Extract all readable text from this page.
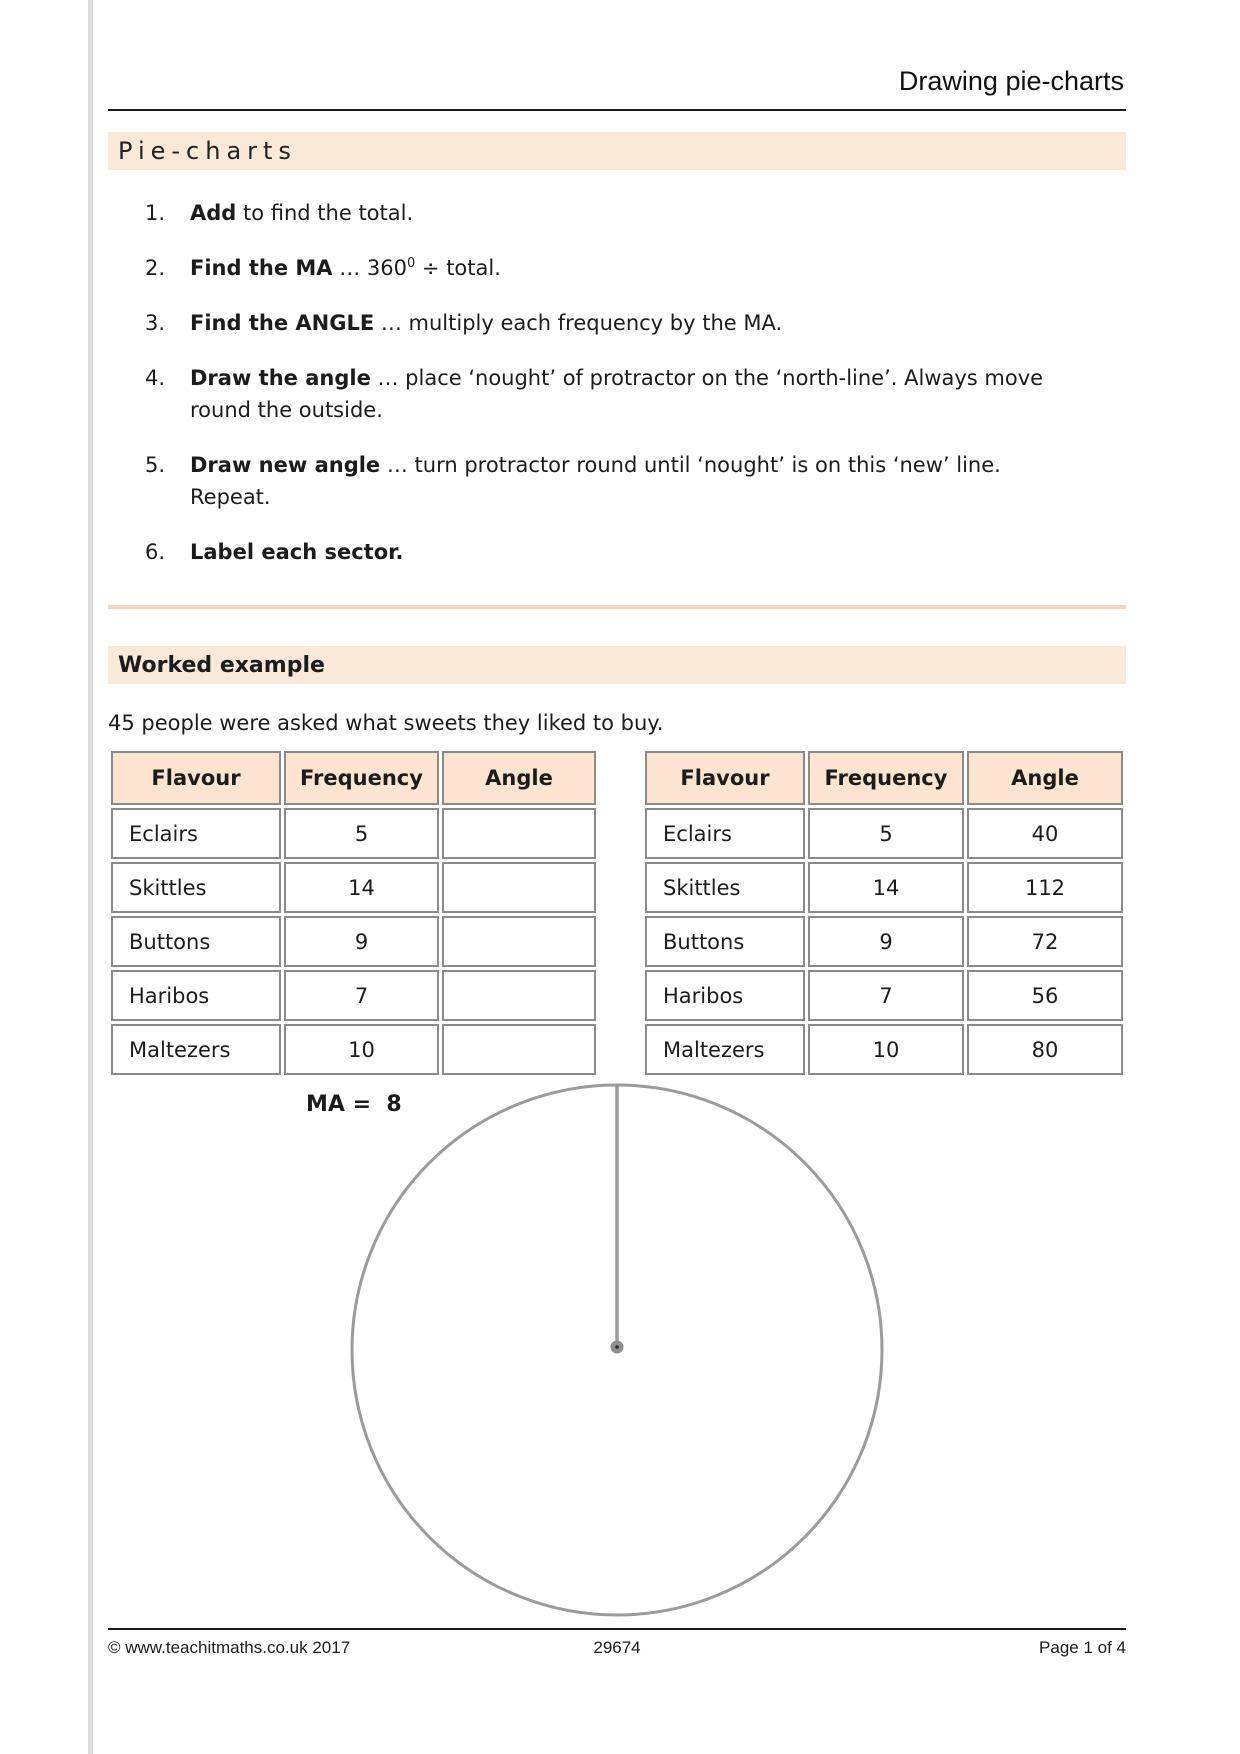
Drawing pie-charts
Pie-charts
1.	Add to find the total.
2.	Find the MA … $360^0$ ÷ total.
3.	Find the ANGLE … multiply each frequency by the MA.
4.	Draw the angle … place ‘nought’ of protractor on the ‘north-line’. Always move
round the outside.
5.	Draw new angle … turn protractor round until ‘nought’ is on this ‘new’ line.
Repeat.
6.	Label each sector.
Worked example
45 people were asked what sweets they liked to buy.
Flavour	Frequency	Angle
Eclairs	5	
Skittles	14	
Buttons	9	
Haribos	7	
Maltezers	10	
Flavour	Frequency	Angle
Eclairs	5	40
Skittles	14	112
Buttons	9	72
Haribos	7	56
Maltezers	10	80
MA =  8
© www.teachitmaths.co.uk 2017	29674	Page 1 of 4
